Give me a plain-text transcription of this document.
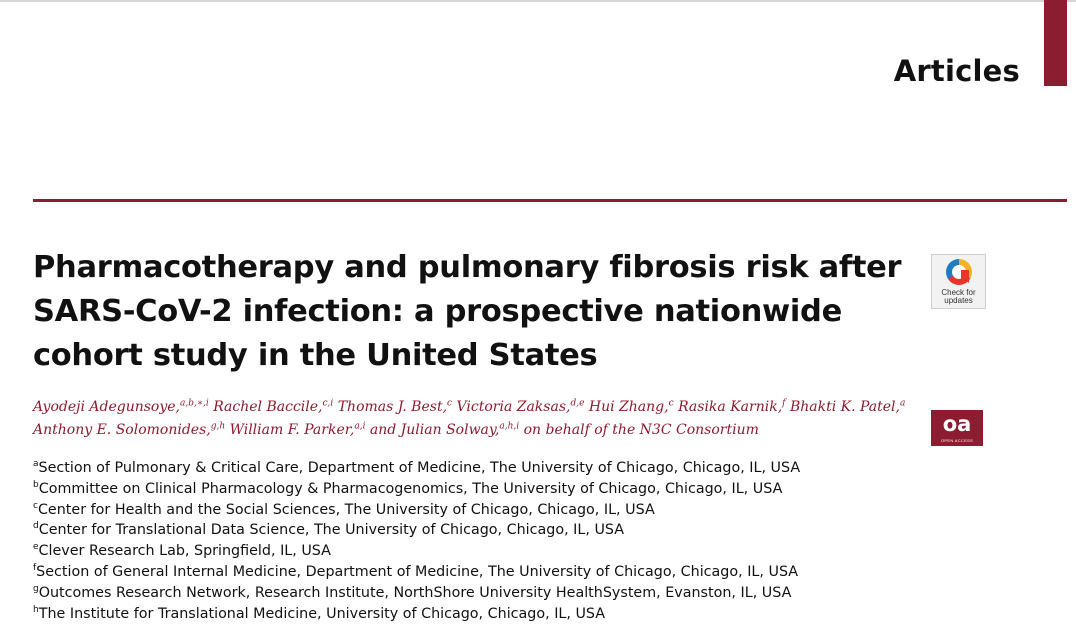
Articles
Pharmacotherapy and pulmonary fibrosis risk after SARS-CoV-2 infection: a prospective nationwide cohort study in the United States
Check for updates

Ayodeji Adegunsoye,$^{a,b,∗,i}$ Rachel Baccile,$^{c,i}$ Thomas J. Best,$^c$ Victoria Zaksas,$^{d,e}$ Hui Zhang,$^c$ Rasika Karnik,$^f$ Bhakti K. Patel,$^a$
Anthony E. Solomonides,$^{g,h}$ William F. Parker,$^{a,i}$ and Julian Solway,$^{a,h,i}$ on behalf of the N3C Consortium	oa
OPEN ACCESS
$^a$Section of Pulmonary & Critical Care, Department of Medicine, The University of Chicago, Chicago, IL, USA
$^b$Committee on Clinical Pharmacology & Pharmacogenomics, The University of Chicago, Chicago, IL, USA
$^c$Center for Health and the Social Sciences, The University of Chicago, Chicago, IL, USA
$^d$Center for Translational Data Science, The University of Chicago, Chicago, IL, USA
$^e$Clever Research Lab, Springfield, IL, USA
$^f$Section of General Internal Medicine, Department of Medicine, The University of Chicago, Chicago, IL, USA
$^g$Outcomes Research Network, Research Institute, NorthShore University HealthSystem, Evanston, IL, USA
$^h$The Institute for Translational Medicine, University of Chicago, Chicago, IL, USA
